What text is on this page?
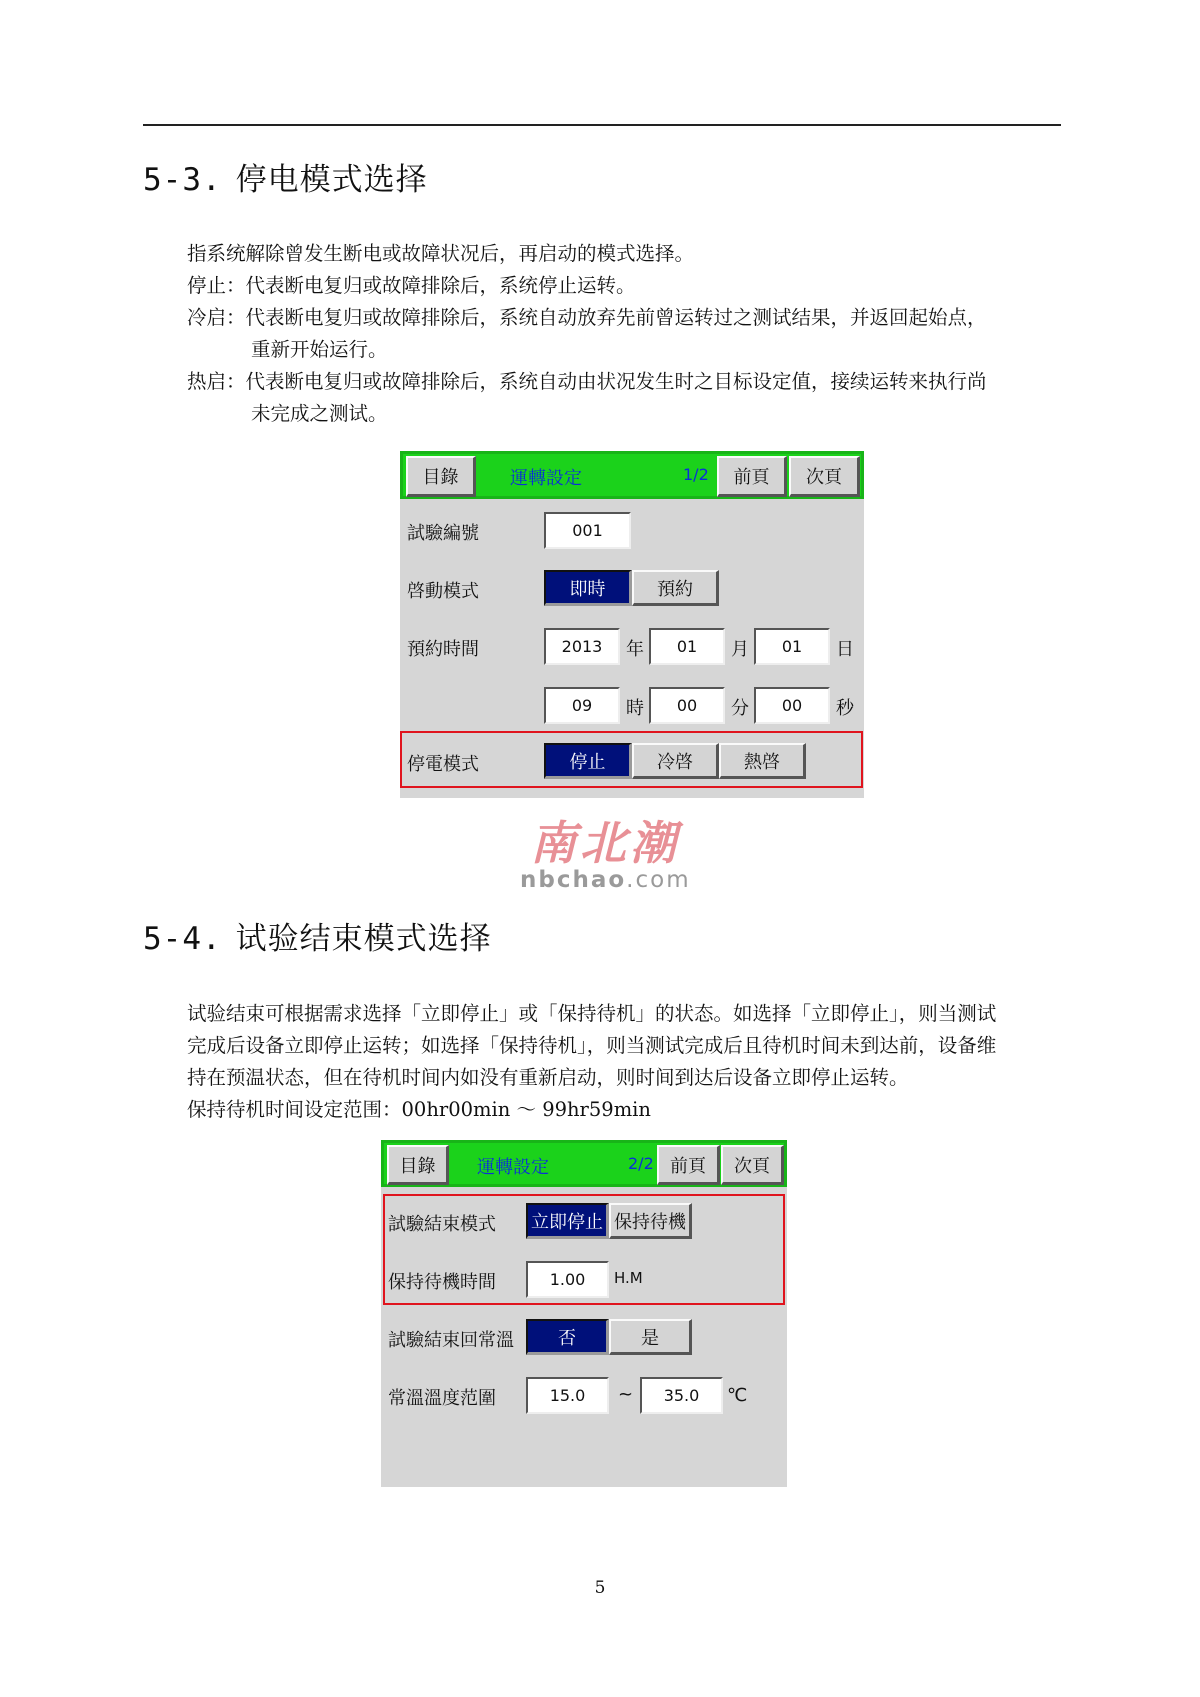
5-3. 停电模式选择
指系统解除曾发生断电或故障状况后，再启动的模式选择。
停止：代表断电复归或故障排除后，系统停止运转。
冷启：代表断电复归或故障排除后，系统自动放弃先前曾运转过之测试结果，并返回起始点，
重新开始运行。
热启：代表断电复归或故障排除后，系统自动由状况发生时之目标设定值，接续运转来执行尚
未完成之测试。
目錄	運轉設定	1/2	前頁	次頁
試驗編號	001
啓動模式	即時	預約
預約時間	2013	年	01	月	01	日
09	時	00	分	00	秒
停電模式	停止	冷啓	熱啓
南北潮
nbchao.com
5-4. 试验结束模式选择
试验结束可根据需求选择「立即停止」或「保持待机」的状态。如选择「立即停止」，则当测试
完成后设备立即停止运转；如选择「保持待机」，则当测试完成后且待机时间未到达前，设备维
持在预温状态，但在待机时间内如没有重新启动，则时间到达后设备立即停止运转。
保持待机时间设定范围：00hr00min ～ 99hr59min
目錄	運轉設定	2/2 前頁	次頁
試驗結束模式 立即停止 保持待機
保持待機時間	1.00	H.M
試驗結束回常溫	否	是
常溫溫度范圍	15.0	~	35.0	℃
5
